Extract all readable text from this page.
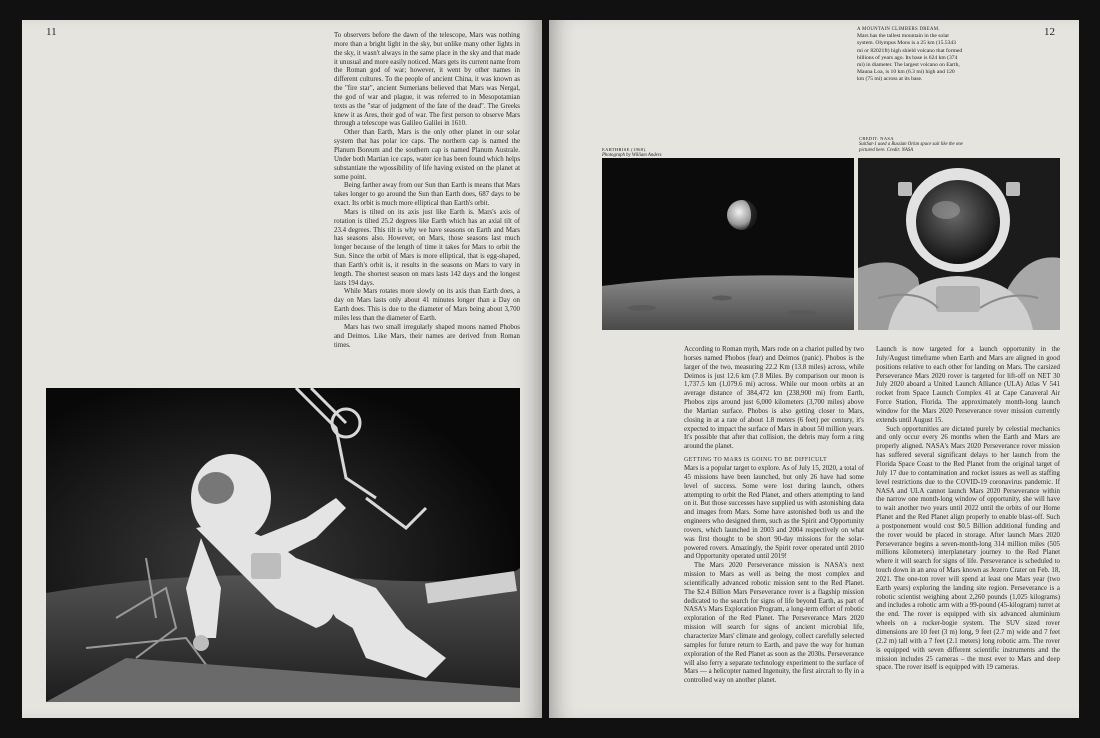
11	To observers before the dawn of the telescope, Mars was nothing more than a bright light in the sky, but unlike many other lights in the sky, it wasn't always in the same place in the sky and that made it unusual and more easily noticed. Mars gets its current name from the Roman god of war; however, it went by other names in different cultures. To the people of ancient China, it was known as the "fire star", ancient Sumerians believed that Mars was Nergal, the god of war and plague, it was referred to in Mesopotamian texts as the "star of judgment of the fate of the dead". The Greeks knew it as Ares, their god of war. The first person to observe Mars through a telescope was Galileo Galilei in 1610.

Other than Earth, Mars is the only other planet in our solar system that has polar ice caps. The northern cap is named the Planum Boreum and the southern cap is named Planum Australe. Under both Martian ice caps, water ice has been found which helps substantiate the wpossibility of life having existed on the planet at some point.

Being farther away from our Sun than Earth is means that Mars takes longer to go around the Sun than Earth does, 687 days to be exact. Its orbit is much more elliptical than Earth's orbit.

Mars is tilted on its axis just like Earth is. Mars's axis of rotation is tilted 25.2 degrees like Earth which has an axial tilt of 23.4 degrees. This tilt is why we have seasons on Earth and Mars has seasons also. However, on Mars, those seasons last much longer because of the length of time it takes for Mars to orbit the Sun. Since the orbit of Mars is more elliptical, that is egg-shaped, than Earth's orbit is, it results in the seasons on Mars to vary in length. The shortest season on mars lasts 142 days and the longest lasts 194 days.

While Mars rotates more slowly on its axis than Earth does, a day on Mars lasts only about 41 minutes longer than a Day on Earth does. This is due to the diameter of Mars being about 3,700 miles less than the diameter of Earth.

Mars has two small irregularly shaped moons named Phobos and Deimos. Like Mars, their names are derived from Roman times.

12
A MOUNTAIN CLIMBERS DREAM.
Mars has the tallest mountain in the solar system. Olympus Mons is a 25 km (15.5343 mi or 82021ft) high shield volcano that formed billions of years ago. Its base is 624 km (374 mi) in diameter. The largest volcano on Earth, Mauna Loa, is 10 km (6.3 mi) high and 120 km (75 mi) across at its base.
EARTHRISE (1968).
Photograph by William Anders
CREDIT: NASA
SuitSat-1 used a Russian Orlan space suit like the one pictured here. Credit: NASA

According to Roman myth, Mars rode on a chariot pulled by two horses named Phobos (fear) and Deimos (panic). Phobos is the larger of the two, measuring 22.2 Km (13.8 miles) across, while Deimos is just 12.6 km (7.8 Miles. By comparison our moon is 1,737.5 km (1,079.6 mi) across. While our moon orbits at an average distance of 384,472 km (238,900 mi) from Earth, Phobos zips around just 6,000 kilometers (3,700 miles) above the Martian surface. Phobos is also getting closer to Mars, closing in at a rate of about 1.8 meters (6 feet) per century, it's expected to impact the surface of Mars in about 50 million years. It's possible that after that collision, the debris may form a ring around the planet.

GETTING TO MARS IS GOING TO BE DIFFICULT

Mars is a popular target to explore. As of July 15, 2020, a total of 45 missions have been launched, but only 26 have had some level of success. Some were lost during launch, others attempting to orbit the Red Planet, and others attempting to land on it. But those successes have supplied us with astonishing data and images from Mars. Some have astonished both us and the engineers who designed them, such as the Spirit and Opportunity rovers, which launched in 2003 and 2004 respectively on what was first thought to be short 90-day missions for the solar-powered rovers. Amazingly, the Spirit rover operated until 2010 and Opportunity operated until 2019!

The Mars 2020 Perseverance mission is NASA's next mission to Mars as well as being the most complex and scientifically advanced robotic mission sent to the Red Planet. The $2.4 Billion Mars Perseverance rover is a flagship mission dedicated to the search for signs of life beyond Earth, as part of NASA's Mars Exploration Program, a long-term effort of robotic exploration of the Red Planet. The Perseverance Mars 2020 mission will search for signs of ancient microbial life, characterize Mars' climate and geology, collect carefully selected samples for future return to Earth, and pave the way for human exploration of the Red Planet as soon as the 2030s. Perseverance will also ferry a separate technology experiment to the surface of Mars — a helicopter named Ingenuity, the first aircraft to fly in a controlled way on another planet.

Launch is now targeted for a launch opportunity in the July/August timeframe when Earth and Mars are aligned in good positions relative to each other for landing on Mars. The carsized Perseverance Mars 2020 rover is targeted for lift-off on NET 30 July 2020 aboard a United Launch Alliance (ULA) Atlas V 541 rocket from Space Launch Complex 41 at Cape Canaveral Air Force Station, Florida. The approximately month-long launch window for the Mars 2020 Perseverance rover mission currently extends until August 15.

Such opportunities are dictated purely by celestial mechanics and only occur every 26 months when the Earth and Mars are properly aligned. NASA's Mars 2020 Perseverance rover mission has suffered several significant delays to her launch from the Florida Space Coast to the Red Planet from the original target of July 17 due to contamination and rocket issues as well as staffing level restrictions due to the COVID-19 coronavirus pandemic. If NASA and ULA cannot launch Mars 2020 Perseverance within the narrow one month-long window of opportunity, she will have to wait another two years until 2022 until the orbits of our Home Planet and the Red Planet align properly to enable blast-off. Such a postponement would cost $0.5 Billion additional funding and the rover would be placed in storage. After launch Mars 2020 Perseverance begins a seven-month-long 314 million miles (505 millions kilometers) interplanetary journey to the Red Planet where it will search for signs of life. Perseverance is scheduled to touch down in an area of Mars known as Jezero Crater on Feb. 18, 2021. The one-ton rover will spend at least one Mars year (two Earth years) exploring the landing site region. Perseverance is a robotic scientist weighing about 2,260 pounds (1,025 kilograms) and includes a robotic arm with a 99-pound (45-kilogram) turret at the end. The rover is equipped with six advanced aluminium wheels on a rocker-bogie system. The SUV sized rover dimensions are 10 feet (3 m) long, 9 feet (2.7 m) wide and 7 feet (2.2 m) tall with a 7 feet (2.1 meters) long robotic arm. The rover is equipped with seven different scientific instruments and the mission includes 25 cameras – the most ever to Mars and deep space. The rover itself is equipped with 19 cameras.
